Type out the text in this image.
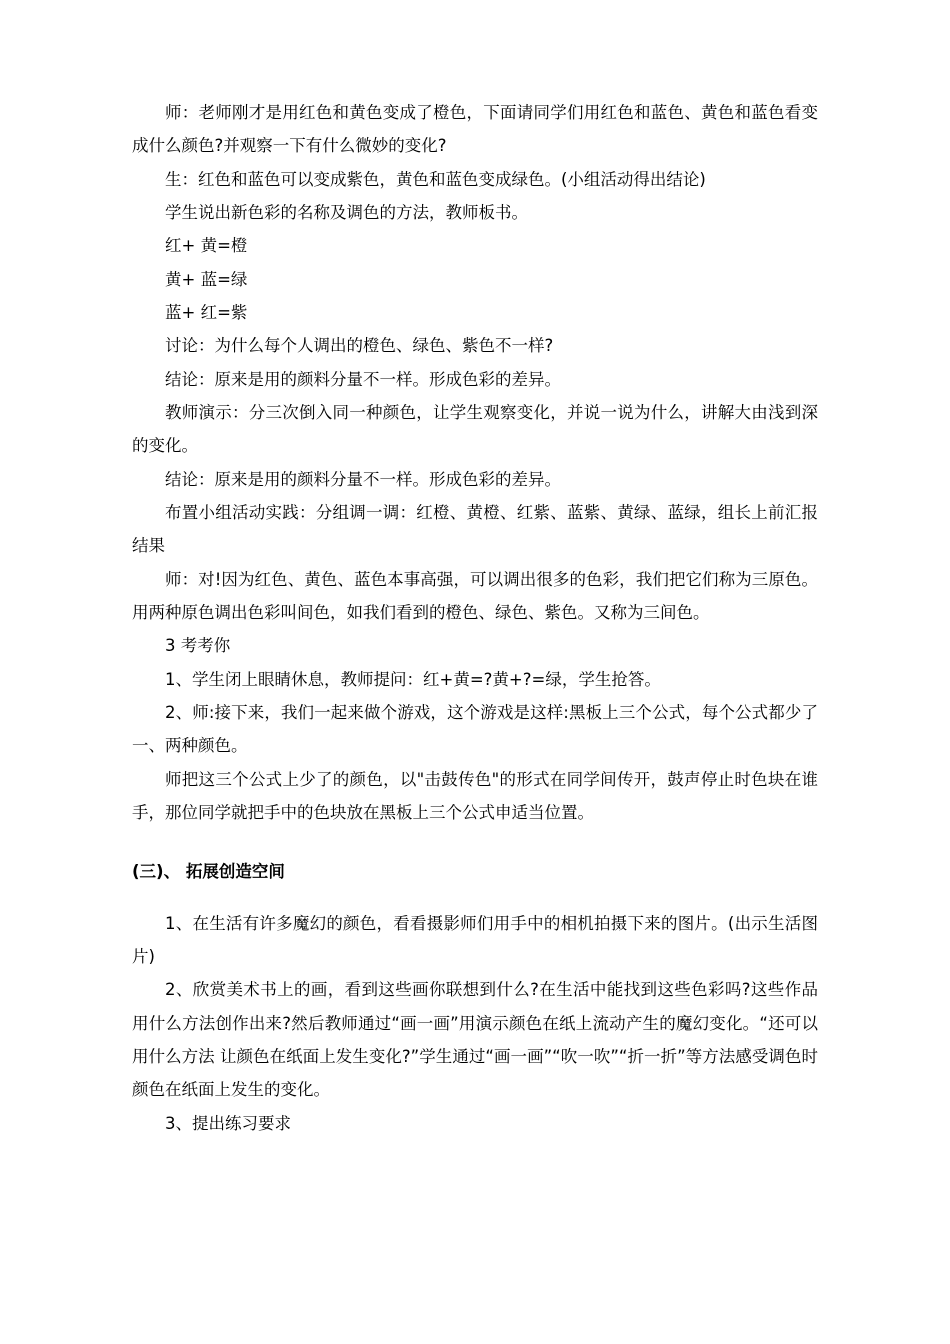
师：老师刚才是用红色和黄色变成了橙色，下面请同学们用红色和蓝色、黄色和蓝色看变成什么颜色?并观察一下有什么微妙的变化?

生：红色和蓝色可以变成紫色，黄色和蓝色变成绿色。(小组活动得出结论)

学生说出新色彩的名称及调色的方法，教师板书。

红+ 黄=橙

黄+ 蓝=绿

蓝+ 红=紫

讨论：为什么每个人调出的橙色、绿色、紫色不一样?

结论：原来是用的颜料分量不一样。形成色彩的差异。

教师演示：分三次倒入同一种颜色，让学生观察变化，并说一说为什么，讲解大由浅到深的变化。

结论：原来是用的颜料分量不一样。形成色彩的差异。

布置小组活动实践：分组调一调：红橙、黄橙、红紫、蓝紫、黄绿、蓝绿，组长上前汇报结果

师：对!因为红色、黄色、蓝色本事高强，可以调出很多的色彩，我们把它们称为三原色。用两种原色调出色彩叫间色，如我们看到的橙色、绿色、紫色。又称为三间色。

3 考考你

1、学生闭上眼睛休息，教师提问：红+黄=?黄+?=绿，学生抢答。

2、师:接下来，我们一起来做个游戏，这个游戏是这样:黑板上三个公式，每个公式都少了一、两种颜色。

师把这三个公式上少了的颜色，以"击鼓传色"的形式在同学间传开，鼓声停止时色块在谁手，那位同学就把手中的色块放在黑板上三个公式申适当位置。

(三)、 拓展创造空间

1、在生活有许多魔幻的颜色，看看摄影师们用手中的相机拍摄下来的图片。(出示生活图片)

2、欣赏美术书上的画，看到这些画你联想到什么?在生活中能找到这些色彩吗?这些作品用什么方法创作出来?然后教师通过“画一画”用演示颜色在纸上流动产生的魔幻变化。“还可以用什么方法 让颜色在纸面上发生变化?”学生通过“画一画”“吹一吹”“折一折”等方法感受调色时颜色在纸面上发生的变化。

3、提出练习要求
